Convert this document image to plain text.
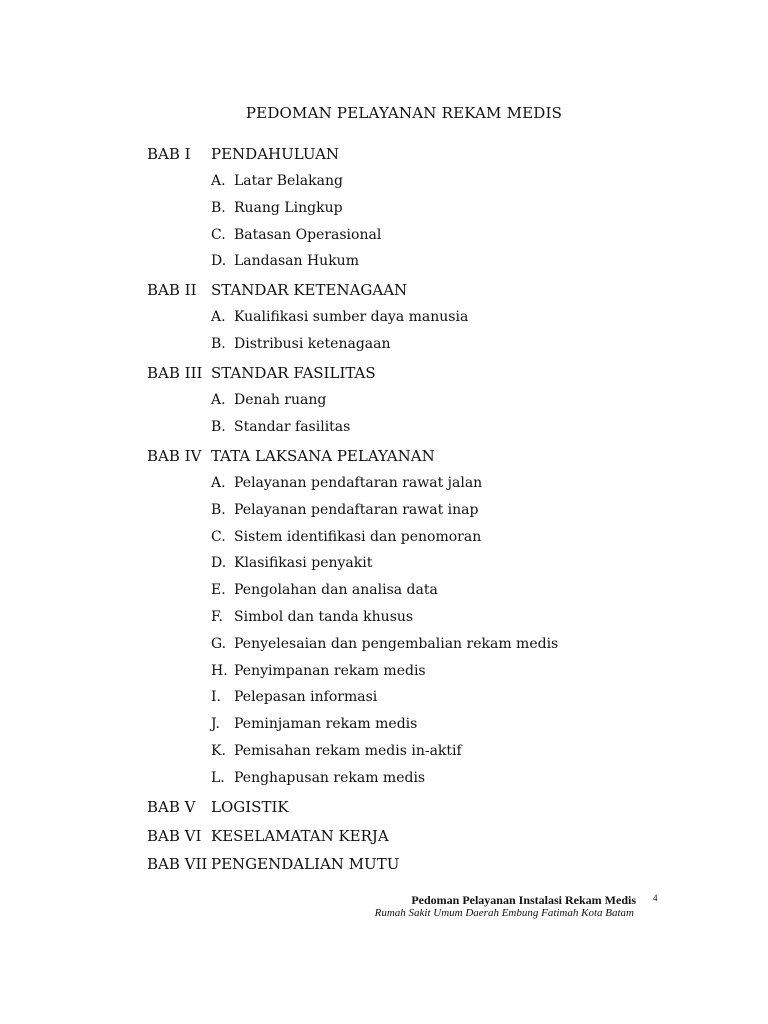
PEDOMAN PELAYANAN REKAM MEDIS
BAB I PENDAHULUAN
A. Latar Belakang
B. Ruang Lingkup
C. Batasan Operasional
D. Landasan Hukum
BAB II STANDAR KETENAGAAN
A. Kualifikasi sumber daya manusia
B. Distribusi ketenagaan
BAB III STANDAR FASILITAS
A. Denah ruang
B. Standar fasilitas
BAB IV TATA LAKSANA PELAYANAN
A. Pelayanan pendaftaran rawat jalan
B. Pelayanan pendaftaran rawat inap
C. Sistem identifikasi dan penomoran
D. Klasifikasi penyakit
E. Pengolahan dan analisa data
F. Simbol dan tanda khusus
G. Penyelesaian dan pengembalian rekam medis
H. Penyimpanan rekam medis
I. Pelepasan informasi
J. Peminjaman rekam medis
K. Pemisahan rekam medis in-aktif
L. Penghapusan rekam medis
BAB V LOGISTIK
BAB VI KESELAMATAN KERJA
BAB VII PENGENDALIAN MUTU
Pedoman Pelayanan Instalasi Rekam Medis
Rumah Sakit Umum Daerah Embung Fatimah Kota Batam
4
